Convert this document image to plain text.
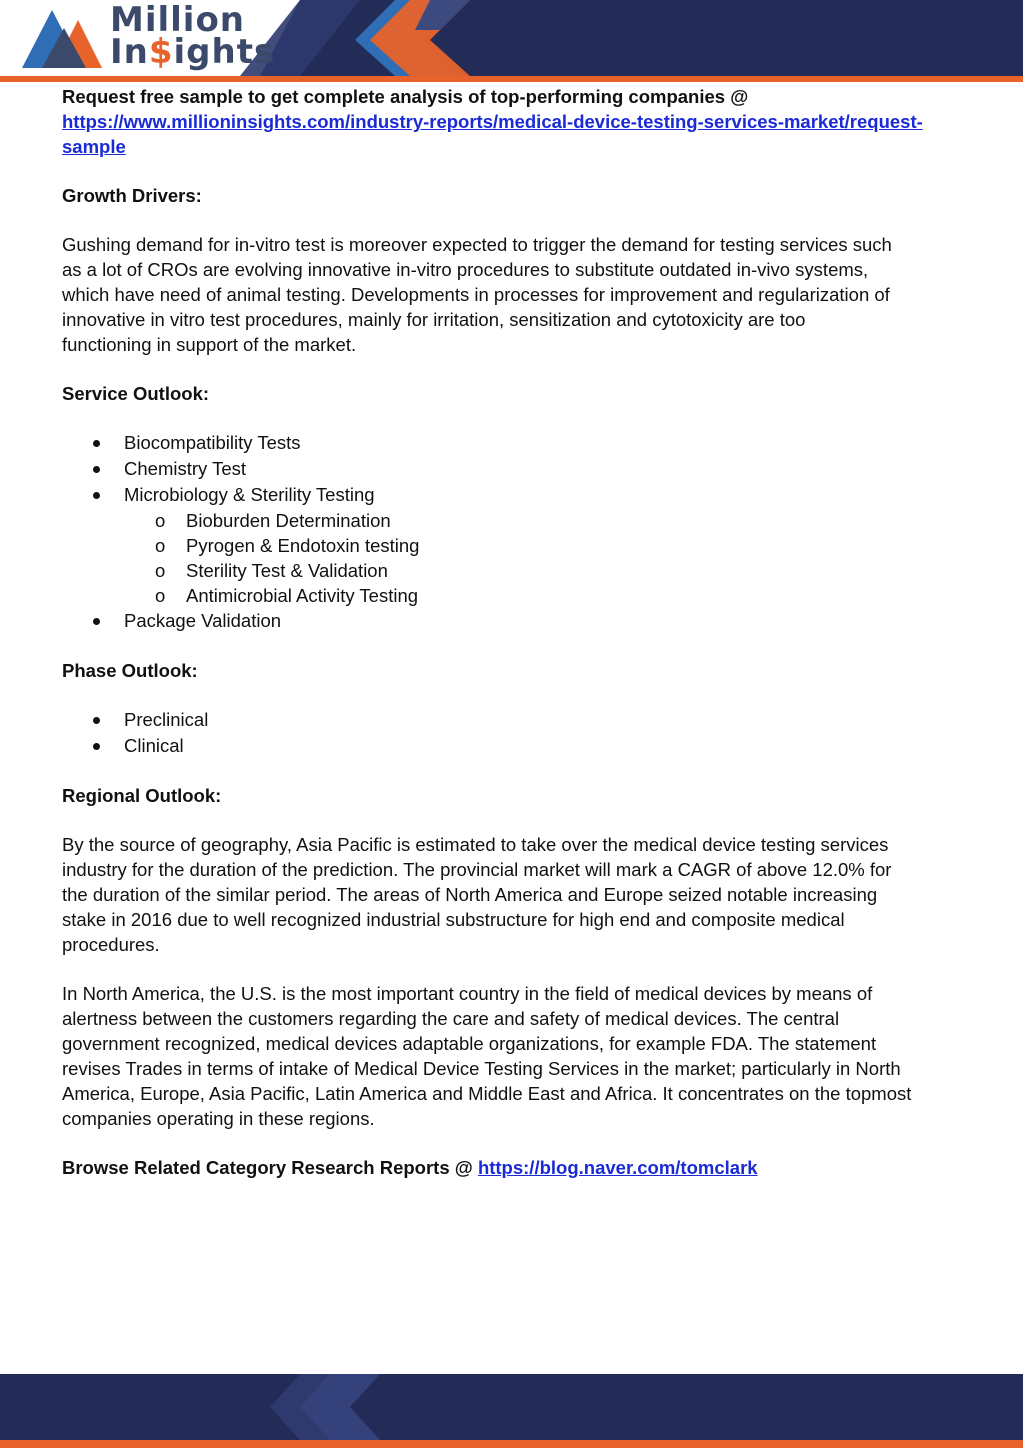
Million
In$ights

Request free sample to get complete analysis of top-performing companies @

https://www.millioninsights.com/industry-reports/medical-device-testing-services-market/request-

sample

Growth Drivers:

Gushing demand for in-vitro test is moreover expected to trigger the demand for testing services such

as a lot of CROs are evolving innovative in-vitro procedures to substitute outdated in-vivo systems,

which have need of animal testing. Developments in processes for improvement and regularization of

innovative in vitro test procedures, mainly for irritation, sensitization and cytotoxicity are too

functioning in support of the market.

Service Outlook:

Biocompatibility Tests
Chemistry Test
Microbiology & Sterility Testing
o Bioburden Determination
o Pyrogen & Endotoxin testing
o Sterility Test & Validation
o Antimicrobial Activity Testing
Package Validation

Phase Outlook:

Preclinical
Clinical

Regional Outlook:

By the source of geography, Asia Pacific is estimated to take over the medical device testing services

industry for the duration of the prediction. The provincial market will mark a CAGR of above 12.0% for

the duration of the similar period. The areas of North America and Europe seized notable increasing

stake in 2016 due to well recognized industrial substructure for high end and composite medical

procedures.

In North America, the U.S. is the most important country in the field of medical devices by means of

alertness between the customers regarding the care and safety of medical devices. The central

government recognized, medical devices adaptable organizations, for example FDA. The statement

revises Trades in terms of intake of Medical Device Testing Services in the market; particularly in North

America, Europe, Asia Pacific, Latin America and Middle East and Africa. It concentrates on the topmost

companies operating in these regions.

Browse Related Category Research Reports @ https://blog.naver.com/tomclark
